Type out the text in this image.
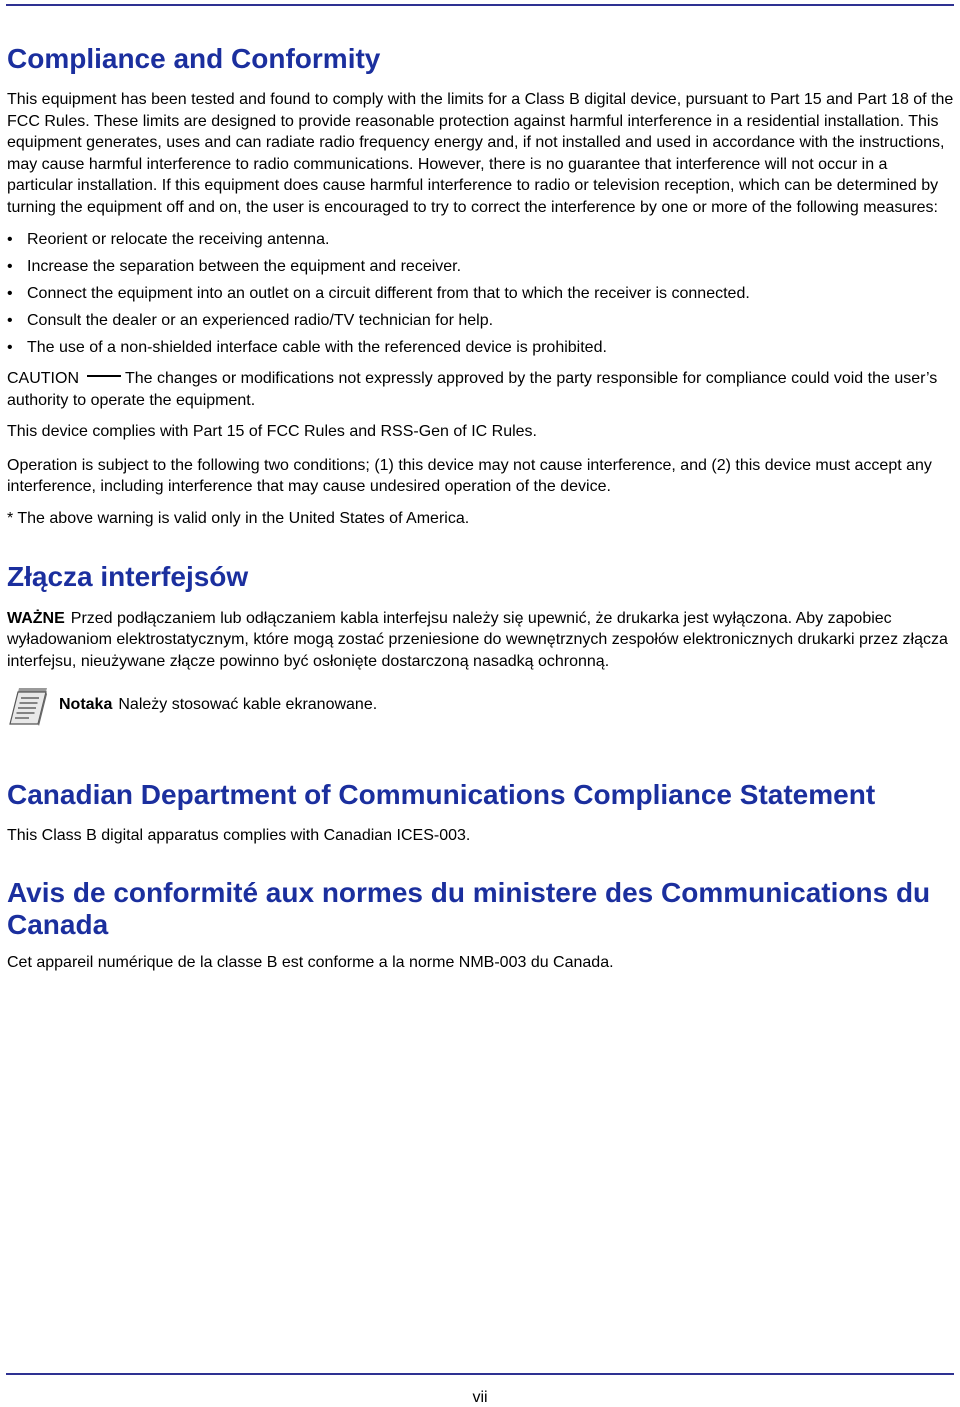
Compliance and Conformity

This equipment has been tested and found to comply with the limits for a Class B digital device, pursuant to Part 15 and Part 18 of the FCC Rules. These limits are designed to provide reasonable protection against harmful interference in a residential installation. This equipment generates, uses and can radiate radio frequency energy and, if not installed and used in accordance with the instructions, may cause harmful interference to radio communications. However, there is no guarantee that interference will not occur in a particular installation. If this equipment does cause harmful interference to radio or television reception, which can be determined by turning the equipment off and on, the user is encouraged to try to correct the interference by one or more of the following measures:

• Reorient or relocate the receiving antenna.
• Increase the separation between the equipment and receiver.
• Connect the equipment into an outlet on a circuit different from that to which the receiver is connected.
• Consult the dealer or an experienced radio/TV technician for help.
• The use of a non-shielded interface cable with the referenced device is prohibited.

CAUTION	The changes or modifications not expressly approved by the party responsible for compliance could void the user’s authority to operate the equipment.

This device complies with Part 15 of FCC Rules and RSS-Gen of IC Rules.

Operation is subject to the following two conditions; (1) this device may not cause interference, and (2) this device must accept any interference, including interference that may cause undesired operation of the device.

* The above warning is valid only in the United States of America.

Złącza interfejsów

WAŻNE Przed podłączaniem lub odłączaniem kabla interfejsu należy się upewnić, że drukarka jest wyłączona. Aby zapobiec wyładowaniom elektrostatycznym, które mogą zostać przeniesione do wewnętrznych zespołów elektronicznych drukarki przez złącza interfejsu, nieużywane złącze powinno być osłonięte dostarczoną nasadką ochronną.

Notaka Należy stosować kable ekranowane.
Canadian Department of Communications Compliance Statement

This Class B digital apparatus complies with Canadian ICES-003.

Avis de conformité aux normes du ministere des Communications du Canada

Cet appareil numérique de la classe B est conforme a la norme NMB-003 du Canada.

vii
